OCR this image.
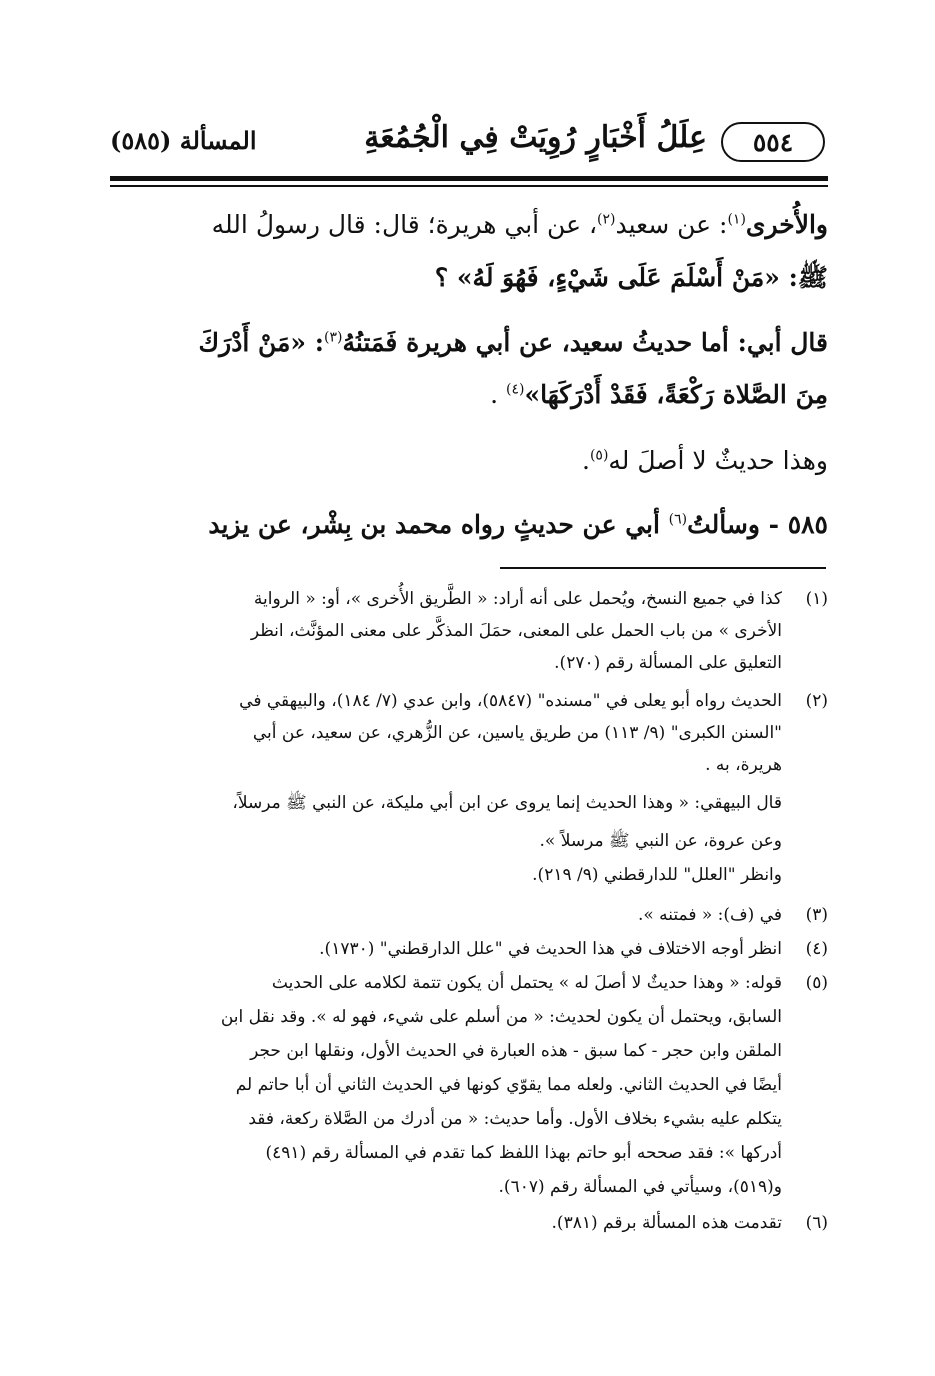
٥٥٤
عِلَلُ أَخْبَارٍ رُوِيَتْ فِي الْجُمُعَةِ
المسألة (٥٨٥)
والأُخرى$^{(١)}$: عن سعيد$^{(٢)}$، عن أبي هريرة؛ قال: قال رسولُ الله
ﷺ: «مَنْ أَسْلَمَ عَلَى شَيْءٍ، فَهُوَ لَهُ» ؟
قال أبي: أما حديثُ سعيد، عن أبي هريرة فَمَتنُهُ$^{(٣)}$: «مَنْ أَدْرَكَ
مِنَ الصَّلاة رَكْعَةً، فَقَدْ أَدْرَكَهَا»$^{(٤)}$ .
وهذا حديثٌ لا أصلَ له$^{(٥)}$.
٥٨٥ - وسألتُ$^{(٦)}$ أبي عن حديثٍ رواه محمد بن بِشْر، عن يزيد
(١)
كذا في جميع النسخ، ويُحمل على أنه أراد: « الطَّريق الأُخرى »، أو: « الرواية
الأخرى » من باب الحمل على المعنى، حمَلَ المذكَّر على معنى المؤنَّث، انظر
التعليق على المسألة رقم (٢٧٠).
(٢)
الحديث رواه أبو يعلى في "مسنده" (٥٨٤٧)، وابن عدي (٧/ ١٨٤)، والبيهقي في
"السنن الكبرى" (٩/ ١١٣) من طريق ياسين، عن الزُّهري، عن سعيد، عن أبي
هريرة، به .
قال البيهقي: « وهذا الحديث إنما يروى عن ابن أبي مليكة، عن النبي ﷺ مرسلاً،
وعن عروة، عن النبي ﷺ مرسلاً ».
وانظر "العلل" للدارقطني (٩/ ٢١٩).
(٣)
في (ف): « فمتنه ».
(٤)
انظر أوجه الاختلاف في هذا الحديث في "علل الدارقطني" (١٧٣٠).
(٥)
قوله: « وهذا حديثٌ لا أصلَ له » يحتمل أن يكون تتمة لكلامه على الحديث
السابق، ويحتمل أن يكون لحديث: « من أسلم على شيء، فهو له ». وقد نقل ابن
الملقن وابن حجر - كما سبق - هذه العبارة في الحديث الأول، ونقلها ابن حجر
أيضًا في الحديث الثاني. ولعله مما يقوّي كونها في الحديث الثاني أن أبا حاتم لم
يتكلم عليه بشيء بخلاف الأول. وأما حديث: « من أدرك من الصَّلاة ركعة، فقد
أدركها »: فقد صححه أبو حاتم بهذا اللفظ كما تقدم في المسألة رقم (٤٩١)
و(٥١٩)، وسيأتي في المسألة رقم (٦٠٧).
(٦)
تقدمت هذه المسألة برقم (٣٨١).
